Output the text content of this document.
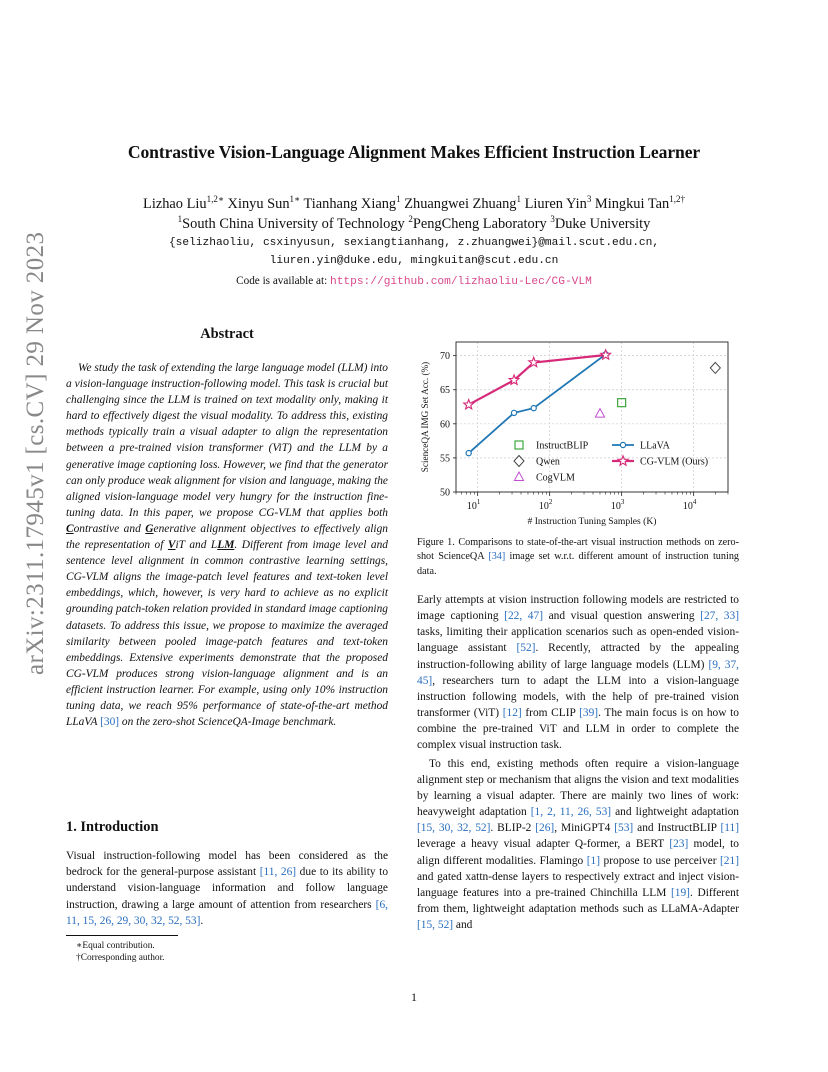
arXiv:2311.17945v1 [cs.CV] 29 Nov 2023
Contrastive Vision-Language Alignment Makes Efficient Instruction Learner
Lizhao Liu$^{1,2∗}$ Xinyu Sun$^{1∗}$ Tianhang Xiang$^1$ Zhuangwei Zhuang$^1$ Liuren Yin$^3$ Mingkui Tan$^{1,2\dagger}$
$^1$South China University of Technology $^2$PengCheng Laboratory $^3$Duke University
{selizhaoliu, csxinyusun, sexiangtianhang, z.zhuangwei}@mail.scut.edu.cn,
liuren.yin@duke.edu, mingkuitan@scut.edu.cn
Code is available at: https://github.com/lizhaoliu-Lec/CG-VLM
Abstract
We study the task of extending the large language model (LLM) into a vision-language instruction-following model. This task is crucial but challenging since the LLM is trained on text modality only, making it hard to effectively digest the visual modality. To address this, existing methods typically train a visual adapter to align the representation between a pre-trained vision transformer (ViT) and the LLM by a generative image captioning loss. However, we find that the generator can only produce weak alignment for vision and language, making the aligned vision-language model very hungry for the instruction fine-tuning data. In this paper, we propose CG-VLM that applies both Contrastive and Generative alignment objectives to effectively align the representation of ViT and LLM. Different from image level and sentence level alignment in common contrastive learning settings, CG-VLM aligns the image-patch level features and text-token level embeddings, which, however, is very hard to achieve as no explicit grounding patch-token relation provided in standard image captioning datasets. To address this issue, we propose to maximize the averaged similarity between pooled image-patch features and text-token embeddings. Extensive experiments demonstrate that the proposed CG-VLM produces strong vision-language alignment and is an efficient instruction learner. For example, using only 10% instruction tuning data, we reach 95% performance of state-of-the-art method LLaVA [30] on the zero-shot ScienceQA-Image benchmark.
1. Introduction
Visual instruction-following model has been considered as the bedrock for the general-purpose assistant [11, 26] due to its ability to understand vision-language information and follow language instruction, drawing a large amount of attention from researchers [6, 11, 15, 26, 29, 30, 32, 52, 53].
∗Equal contribution.
†Corresponding author.
50
55
60
65
70
$10^1$	$10^2$	$10^3$	$10^4$
# Instruction Tuning Samples (K)
ScienceQA IMG Set Acc. (%)	InstructBLIP	LLaVA
Qwen	CG-VLM (Ours)
CogVLM
Figure 1. Comparisons to state-of-the-art visual instruction methods on zero-shot ScienceQA [34] image set w.r.t. different amount of instruction tuning data.

Early attempts at vision instruction following models are restricted to image captioning [22, 47] and visual question answering [27, 33] tasks, limiting their application scenarios such as open-ended vision-language assistant [52]. Recently, attracted by the appealing instruction-following ability of large language models (LLM) [9, 37, 45], researchers turn to adapt the LLM into a vision-language instruction following models, with the help of pre-trained vision transformer (ViT) [12] from CLIP [39]. The main focus is on how to combine the pre-trained ViT and LLM in order to complete the complex visual instruction task.

To this end, existing methods often require a vision-language alignment step or mechanism that aligns the vision and text modalities by learning a visual adapter. There are mainly two lines of work: heavyweight adaptation [1, 2, 11, 26, 53] and lightweight adaptation [15, 30, 32, 52]. BLIP-2 [26], MiniGPT4 [53] and InstructBLIP [11] leverage a heavy visual adapter Q-former, a BERT [23] model, to align different modalities. Flamingo [1] propose to use perceiver [21] and gated xattn-dense layers to respectively extract and inject vision-language features into a pre-trained Chinchilla LLM [19]. Different from them, lightweight adaptation methods such as LLaMA-Adapter [15, 52] and

1
